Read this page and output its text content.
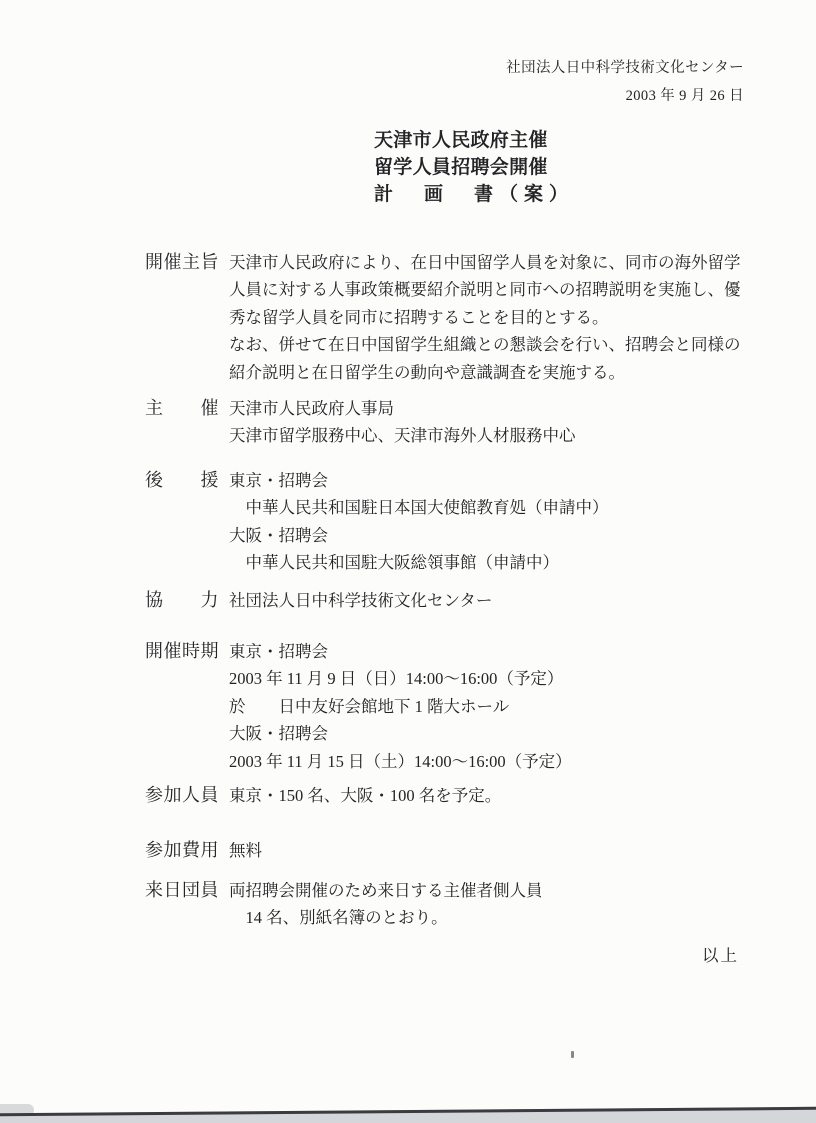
社団法人日中科学技術文化センター
2003 年 9 月 26 日
天津市人民政府主催
留学人員招聘会開催
計　画　書（案）
開催主旨 天津市人民政府により、在日中国留学人員を対象に、同市の海外留学
人員に対する人事政策概要紹介説明と同市への招聘説明を実施し、優
秀な留学人員を同市に招聘することを目的とする。
なお、併せて在日中国留学生組織との懇談会を行い、招聘会と同様の
紹介説明と在日留学生の動向や意識調査を実施する。
主　　催 天津市人民政府人事局
天津市留学服務中心、天津市海外人材服務中心
後　　援 東京・招聘会
　中華人民共和国駐日本国大使館教育処（申請中）
大阪・招聘会
　中華人民共和国駐大阪総領事館（申請中）
協　　力 社団法人日中科学技術文化センター
開催時期 東京・招聘会
2003 年 11 月 9 日（日）14:00～16:00（予定）
於　　日中友好会館地下 1 階大ホール
大阪・招聘会
2003 年 11 月 15 日（土）14:00～16:00（予定）
参加人員 東京・150 名、大阪・100 名を予定。
参加費用 無料
来日団員 両招聘会開催のため来日する主催者側人員
　14 名、別紙名簿のとおり。
以上
